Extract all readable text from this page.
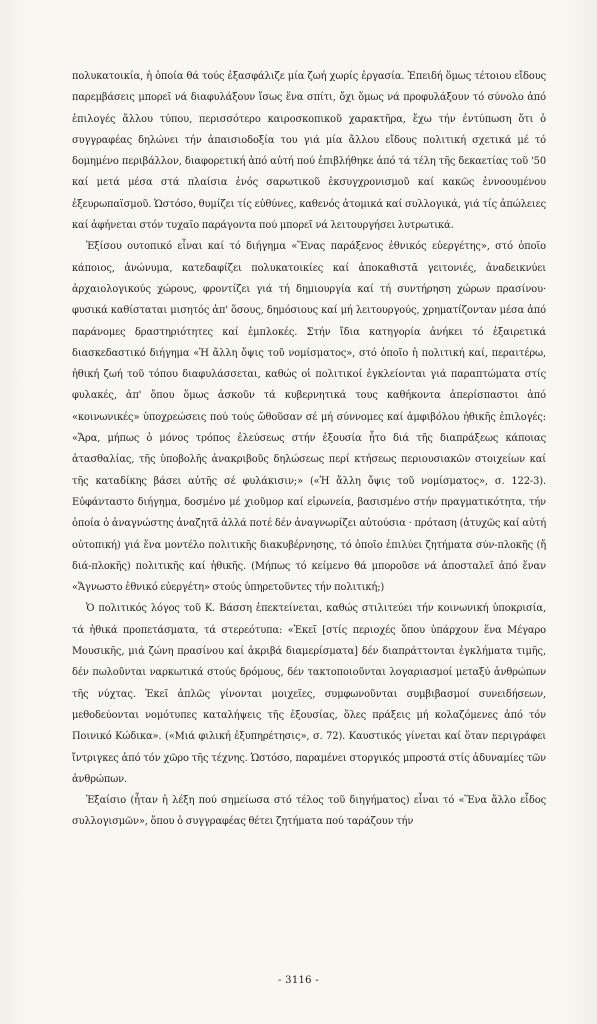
πολυκατοικία, ἡ ὁποία θά τούς ἐξασφάλιζε μία ζωή χωρίς ἐργασία. Ἐπειδή ὅμως τέτοιου εἴδους παρεμβάσεις μπορεῖ νά διαφυλάξουν ἴσως ἕνα σπίτι, ὄχι ὅμως νά προφυλάξουν τό σύνολο ἀπό ἐπιλογές ἄλλου τύπου, περισσότερο καιροσκοπικοῦ χαρακτῆρα, ἔχω τήν ἐντύπωση ὅτι ὁ συγγραφέας δηλώνει τήν ἀπαισιοδοξία του γιά μία ἄλλου εἴδους πολιτική σχετικά μέ τό δομημένο περιβάλλον, διαφορετική ἀπό αὐτή πού ἐπιβλήθηκε ἀπό τά τέλη τῆς δεκαετίας τοῦ '50 καί μετά μέσα στά πλαίσια ἑνός σαρωτικοῦ ἐκσυγχρονισμοῦ καί κακῶς ἐννοουμένου ἐξευρωπαϊσμοῦ. Ὡστόσο, θυμίζει τίς εὐθύνες, καθενός ἀτομικά καί συλλογικά, γιά τίς ἀπώλειες καί ἀφήνεται στόν τυχαῖο παράγοντα πού μπορεῖ νά λειτουργήσει λυτρωτικά.

Ἐξίσου ουτοπικό εἶναι καί τό διήγημα «Ἕνας παράξενος ἐθνικός εὐεργέτης», στό ὁποῖο κάποιος, ἀνώνυμα, κατεδαφίζει πολυκατοικίες καί ἀποκαθιστᾶ γειτονιές, ἀναδεικνύει ἀρχαιολογικούς χώρους, φροντίζει γιά τή δημιουργία καί τή συντήρηση χώρων πρασίνου· φυσικά καθίσταται μισητός ἀπ' ὅσους, δημόσιους καί μή λειτουργούς, χρηματίζονταν μέσα ἀπό παράνομες δραστηριότητες καί ἐμπλοκές. Στήν ἴδια κατηγορία ἀνήκει τό ἐξαιρετικά διασκεδαστικό διήγημα «Ἡ ἄλλη ὄψις τοῦ νομίσματος», στό ὁποῖο ἡ πολιτική καί, περαιτέρω, ἠθική ζωή τοῦ τόπου διαφυλάσσεται, καθώς οἱ πολιτικοί ἐγκλείονται γιά παραπτώματα στίς φυλακές, ἀπ' ὅπου ὅμως ἀσκοῦν τά κυβερνητικά τους καθήκοντα ἀπερίσπαστοι ἀπό «κοινωνικές» ὑποχρεώσεις πού τούς ὤθοῦσαν σέ μή σύννομες καί ἀμφιβόλου ἠθικῆς ἐπιλογές: «Ἄρα, μήπως ὁ μόνος τρόπος ἐλεύσεως στήν ἐξουσία ἦτο διά τῆς διαπράξεως κάποιας ἀτασθαλίας, τῆς ὑποβολῆς ἀνακριβοῦς δηλώσεως περί κτήσεως περιουσιακῶν στοιχείων καί τῆς καταδίκης βάσει αὐτῆς σέ φυλάκισιν;» («Ἡ ἄλλη ὄψις τοῦ νομίσματος», σ. 122-3). Εὐφάνταστο διήγημα, δοσμένο μέ χιοῦμορ καί εἰρωνεία, βασισμένο στήν πραγματικότητα, τήν ὁποία ὁ ἀναγνώστης ἀναζητᾶ ἀλλά ποτέ δέν ἀναγνωρίζει αὐτούσια · πρόταση (ἀτυχῶς καί αὐτή οὐτοπική) γιά ἕνα μοντέλο πολιτικῆς διακυβέρνησης, τό ὁποῖο ἐπιλύει ζητήματα σύν-πλοκῆς (ἤ διά-πλοκῆς) πολιτικῆς καί ἠθικῆς. (Μήπως τό κείμενο θά μποροῦσε νά ἀποσταλεῖ ἀπό ἕναν «Ἄγνωστο ἐθνικό εὐεργέτη» στούς ὑπηρετοῦντες τήν πολιτική;)

Ὁ πολιτικός λόγος τοῦ Κ. Βάσση ἐπεκτείνεται, καθώς στιλιτεύει τήν κοινωνική ὑποκρισία, τά ἠθικά προπετάσματα, τά στερεότυπα: «Ἐκεῖ [στίς περιοχές ὅπου ὑπάρχουν ἕνα Μέγαρο Μουσικῆς, μιά ζώνη πρασίνου καί ἀκριβά διαμερίσματα] δέν διαπράττονται ἐγκλήματα τιμῆς, δέν πωλοῦνται ναρκωτικά στούς δρόμους, δέν τακτοποιοῦνται λογαριασμοί μεταξύ ἀνθρώπων τῆς νύχτας. Ἐκεῖ ἁπλῶς γίνονται μοιχεῖες, συμφωνοῦνται συμβιβασμοί συνειδήσεων, μεθοδεύονται νομότυπες καταλήψεις τῆς ἐξουσίας, ὅλες πράξεις μή κολαζόμενες ἀπό τόν Ποινικό Κώδικα». («Μιά φιλική ἐξυπηρέτησις», σ. 72). Καυστικός γίνεται καί ὅταν περιγράφει ἴντριγκες ἀπό τόν χῶρο τῆς τέχνης. Ὡστόσο, παραμένει στοργικός μπροστά στίς ἀδυναμίες τῶν ἀνθρώπων.

Ἐξαίσιο (ἦταν ἡ λέξη πού σημείωσα στό τέλος τοῦ διηγήματος) εἶναι τό «Ἕνα ἄλλο εἶδος συλλογισμῶν», ὅπου ὁ συγγραφέας θέτει ζητήματα πού ταράζουν τήν

- 3116 -
